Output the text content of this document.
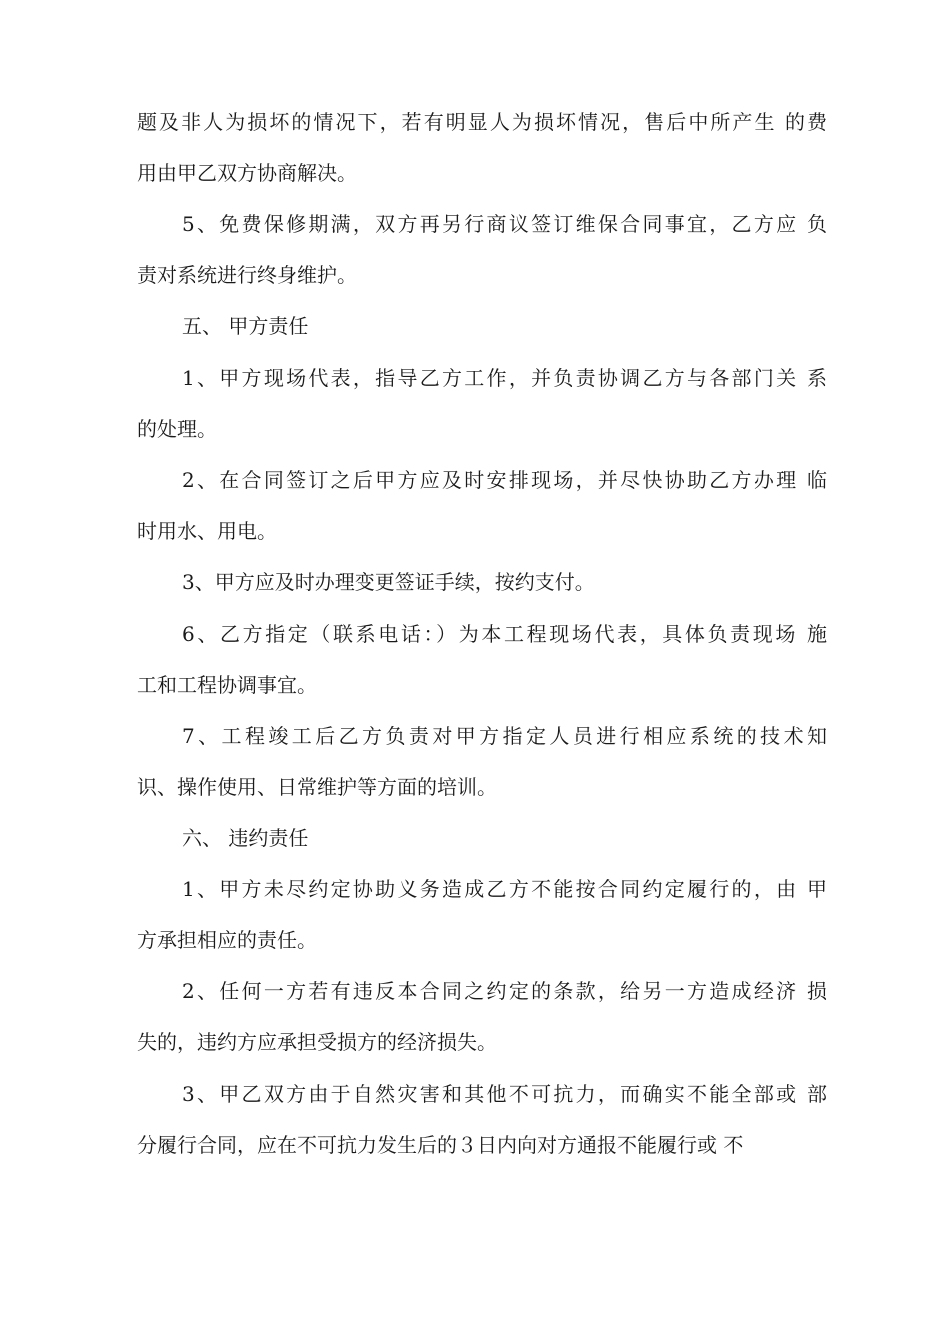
题及非人为损坏的情况下，若有明显人为损坏情况，售后中所产生 的费

用由甲乙双方协商解决。

5、免费保修期满，双方再另行商议签订维保合同事宜，乙方应 负

责对系统进行终身维护。

五、 甲方责任

1、甲方现场代表，指导乙方工作，并负责协调乙方与各部门关 系

的处理。

2、在合同签订之后甲方应及时安排现场，并尽快协助乙方办理 临

时用水、用电。

3、甲方应及时办理变更签证手续，按约支付。

6、乙方指定（联系电话：）为本工程现场代表，具体负责现场 施

工和工程协调事宜。

7、工程竣工后乙方负责对甲方指定人员进行相应系统的技术知

识、操作使用、日常维护等方面的培训。

六、 违约责任

1、甲方未尽约定协助义务造成乙方不能按合同约定履行的，由 甲

方承担相应的责任。

2、任何一方若有违反本合同之约定的条款，给另一方造成经济 损

失的，违约方应承担受损方的经济损失。

3、甲乙双方由于自然灾害和其他不可抗力，而确实不能全部或 部

分履行合同，应在不可抗力发生后的３日内向对方通报不能履行或 不
